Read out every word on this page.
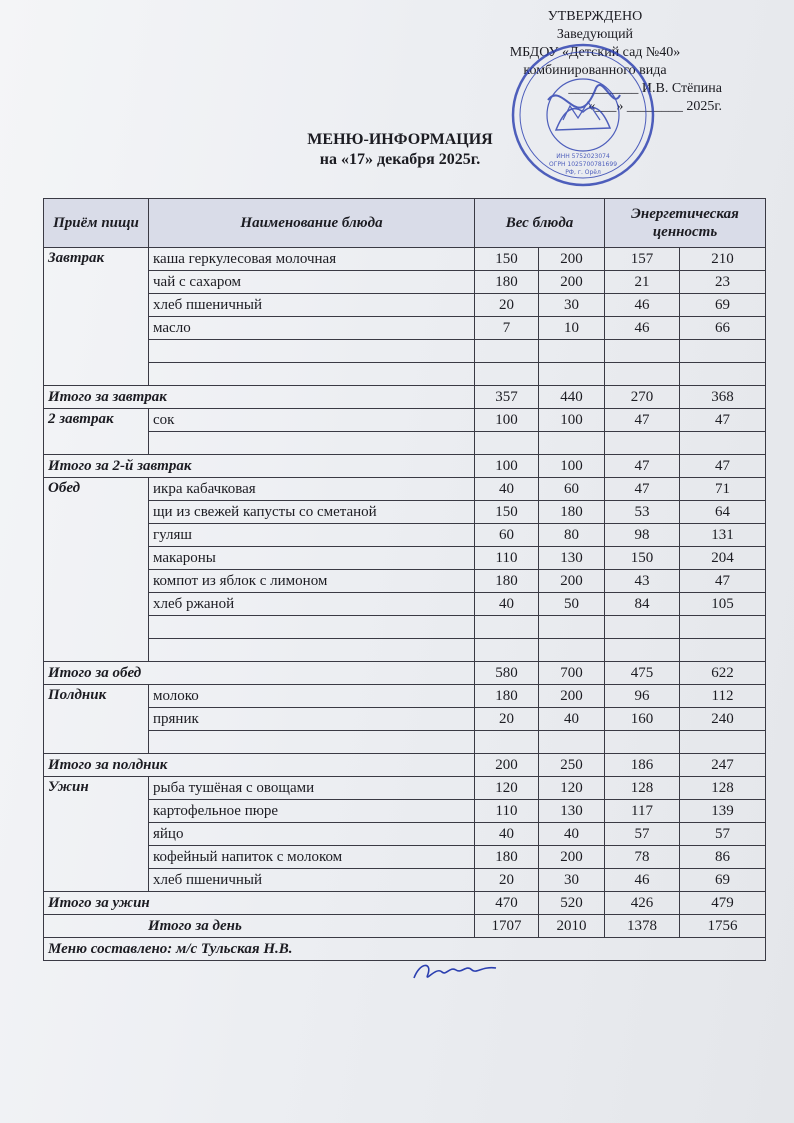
УТВЕРЖДЕНО
Заведующий
МБДОУ «Детский сад №40»
комбинированного вида
__________ И.В. Стёпина
«___» ________ 2025г.
ИНН 5752023074
ОГРН 1025700781699
РФ, г. Орёл
МЕНЮ-ИНФОРМАЦИЯ
на «17» декабря 2025г.
Приём пищи	Наименование блюда	Вес блюда		Энергетическая ценность	
Завтрак	каша геркулесовая молочная	150	200	157	210
	чай с сахаром	180	200	21	23
	хлеб пшеничный	20	30	46	69
	масло	7	10	46	66

Итого за завтрак		357	440	270	368
2 завтрак	сок	100	100	47	47

Итого за 2-й завтрак		100	100	47	47
Обед	икра кабачковая	40	60	47	71
	щи из свежей капусты со сметаной	150	180	53	64
	гуляш	60	80	98	131
	макароны	110	130	150	204
	компот из яблок с лимоном	180	200	43	47
	хлеб ржаной	40	50	84	105

Итого за обед		580	700	475	622
Полдник	молоко	180	200	96	112
	пряник	20	40	160	240

Итого за полдник		200	250	186	247
Ужин	рыба тушёная с овощами	120	120	128	128
	картофельное пюре	110	130	117	139
	яйцо	40	40	57	57
	кофейный напиток с молоком	180	200	78	86
	хлеб пшеничный	20	30	46	69
Итого за ужин		470	520	426	479
Итого за день		1707	2010	1378	1756
Меню составлено: м/с Тульская Н.В.					
